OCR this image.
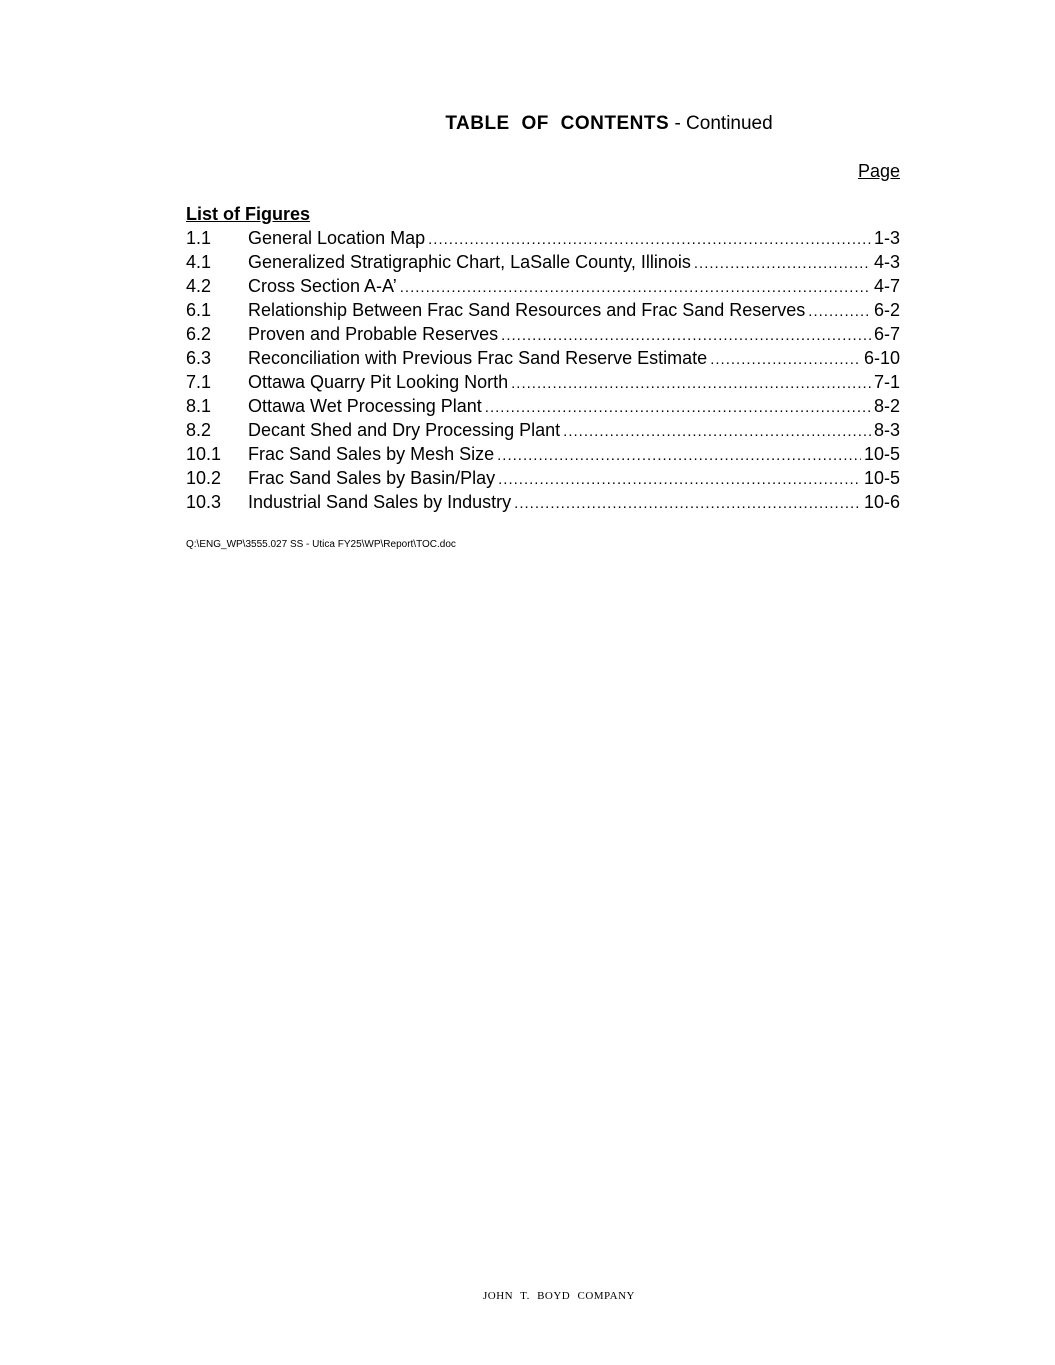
TABLE OF CONTENTS - Continued
Page
List of Figures
1.1	General Location Map .....	1-3
4.1	Generalized Stratigraphic Chart, LaSalle County, Illinois .....	4-3
4.2	Cross Section A-A’ .....	4-7
6.1	Relationship Between Frac Sand Resources and Frac Sand Reserves .....	6-2
6.2	Proven and Probable Reserves .....	6-7
6.3	Reconciliation with Previous Frac Sand Reserve Estimate .....	6-10
7.1	Ottawa Quarry Pit Looking North .....	7-1
8.1	Ottawa Wet Processing Plant .....	8-2
8.2	Decant Shed and Dry Processing Plant .....	8-3
10.1	Frac Sand Sales by Mesh Size .....	10-5
10.2	Frac Sand Sales by Basin/Play .....	10-5
10.3	Industrial Sand Sales by Industry .....	10-6
Q:\ENG_WP\3555.027 SS - Utica FY25\WP\Report\TOC.doc
JOHN T. BOYD COMPANY
